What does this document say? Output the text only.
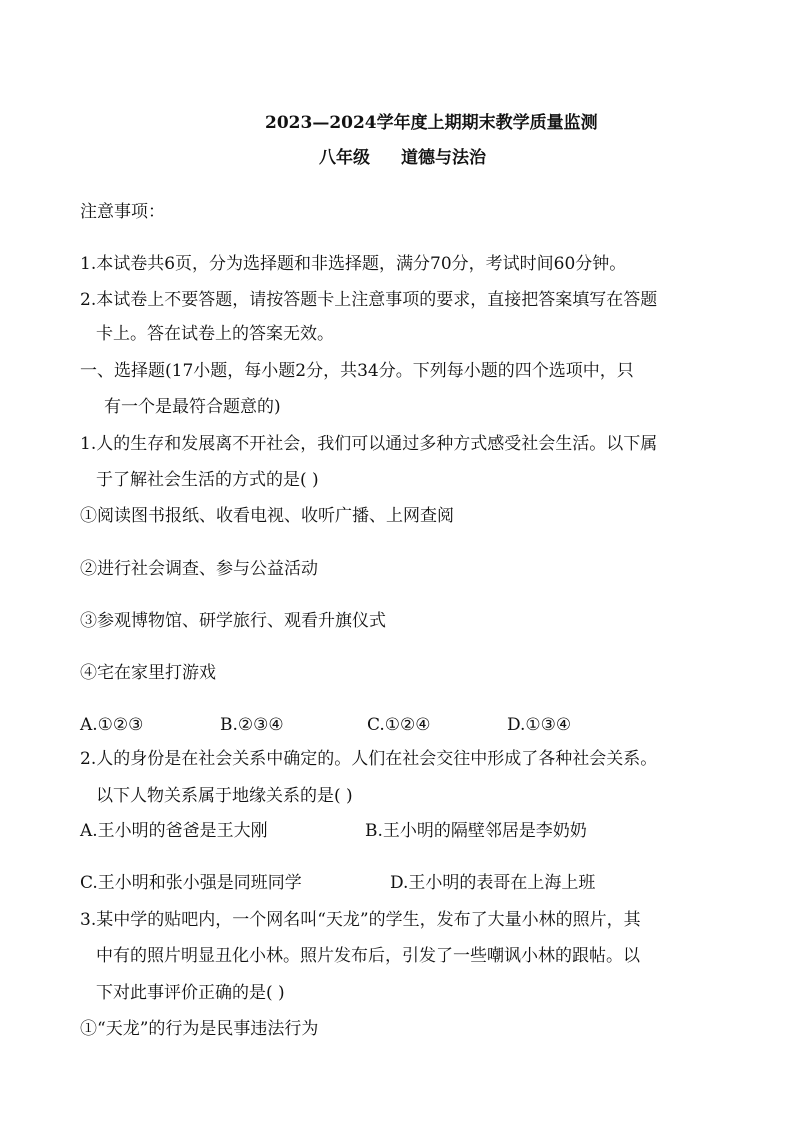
2023—2024学年度上期期末教学质量监测
八年级 道德与法治
注意事项：
1.本试卷共6页，分为选择题和非选择题，满分70分，考试时间60分钟。
2.本试卷上不要答题，请按答题卡上注意事项的要求，直接把答案填写在答题
卡上。答在试卷上的答案无效。
一、选择题(17小题，每小题2分，共34分。下列每小题的四个选项中，只
有一个是最符合题意的)
1.人的生存和发展离不开社会，我们可以通过多种方式感受社会生活。以下属
于了解社会生活的方式的是( )
①阅读图书报纸、收看电视、收听广播、上网查阅
②进行社会调查、参与公益活动
③参观博物馆、研学旅行、观看升旗仪式
④宅在家里打游戏
A.①②③	B.②③④	C.①②④	D.①③④
2.人的身份是在社会关系中确定的。人们在社会交往中形成了各种社会关系。
以下人物关系属于地缘关系的是( )
A.王小明的爸爸是王大刚	B.王小明的隔壁邻居是李奶奶
C.王小明和张小强是同班同学	D.王小明的表哥在上海上班
3.某中学的贴吧内，一个网名叫“天龙”的学生，发布了大量小林的照片，其
中有的照片明显丑化小林。照片发布后，引发了一些嘲讽小林的跟帖。以
下对此事评价正确的是( )
①“天龙”的行为是民事违法行为
